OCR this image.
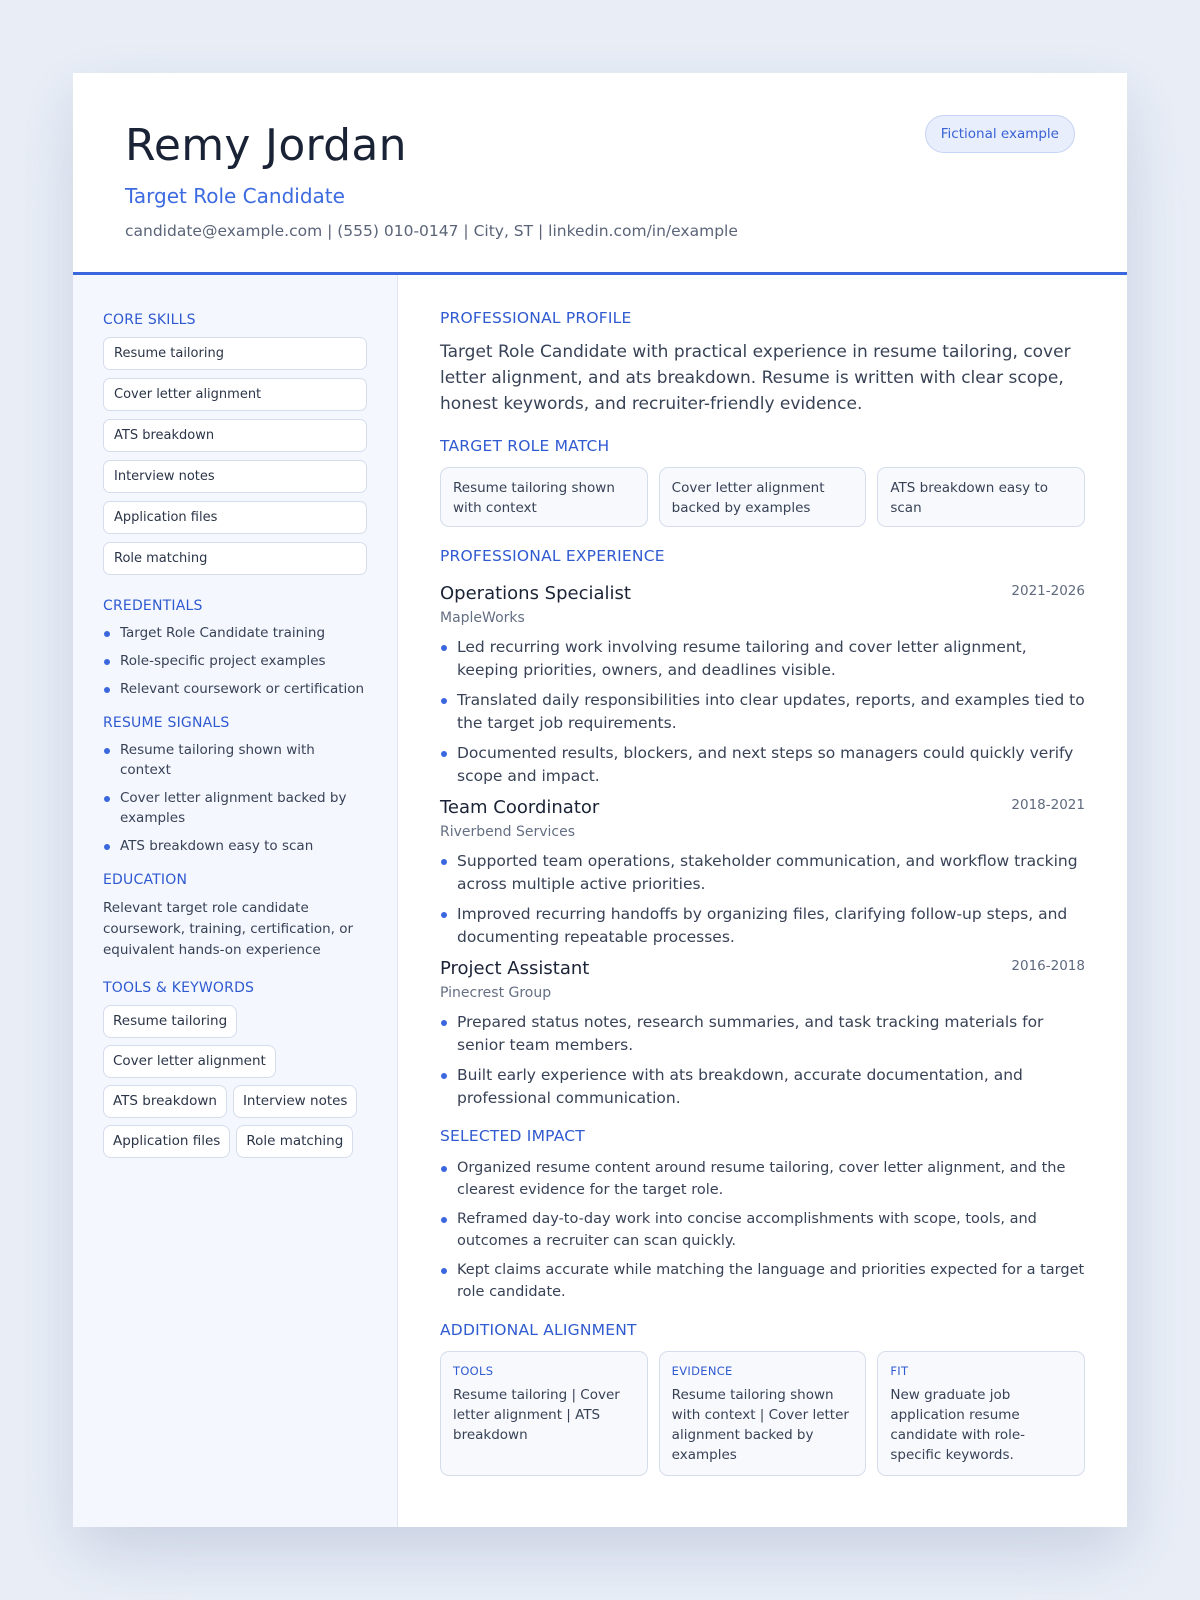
Remy Jordan
Target Role Candidate
candidate@example.com | (555) 010-0147 | City, ST | linkedin.com/in/example
Fictional example
CORE SKILLS
Resume tailoring
Cover letter alignment
ATS breakdown
Interview notes
Application files
Role matching
CREDENTIALS
Target Role Candidate training
Role-specific project examples
Relevant coursework or certification
RESUME SIGNALS
Resume tailoring shown with context
Cover letter alignment backed by examples
ATS breakdown easy to scan
EDUCATION
Relevant target role candidate coursework, training, certification, or equivalent hands-on experience
TOOLS & KEYWORDS
Resume tailoring
Cover letter alignment
ATS breakdown	Interview notes
Application files	Role matching
PROFESSIONAL PROFILE

Target Role Candidate with practical experience in resume tailoring, cover letter alignment, and ats breakdown. Resume is written with clear scope, honest keywords, and recruiter-friendly evidence.

TARGET ROLE MATCH
Resume tailoring shown with context
Cover letter alignment backed by examples
ATS breakdown easy to scan
PROFESSIONAL EXPERIENCE
Operations Specialist	2021-2026
MapleWorks
Led recurring work involving resume tailoring and cover letter alignment, keeping priorities, owners, and deadlines visible.
Translated daily responsibilities into clear updates, reports, and examples tied to the target job requirements.
Documented results, blockers, and next steps so managers could quickly verify scope and impact.
Team Coordinator	2018-2021
Riverbend Services
Supported team operations, stakeholder communication, and workflow tracking across multiple active priorities.
Improved recurring handoffs by organizing files, clarifying follow-up steps, and documenting repeatable processes.
Project Assistant	2016-2018
Pinecrest Group
Prepared status notes, research summaries, and task tracking materials for senior team members.
Built early experience with ats breakdown, accurate documentation, and professional communication.
SELECTED IMPACT
Organized resume content around resume tailoring, cover letter alignment, and the clearest evidence for the target role.
Reframed day-to-day work into concise accomplishments with scope, tools, and outcomes a recruiter can scan quickly.
Kept claims accurate while matching the language and priorities expected for a target role candidate.
ADDITIONAL ALIGNMENT
TOOLS
Resume tailoring | Cover letter alignment | ATS breakdown
EVIDENCE
Resume tailoring shown with context | Cover letter alignment backed by examples
FIT
New graduate job application resume candidate with role-specific keywords.
